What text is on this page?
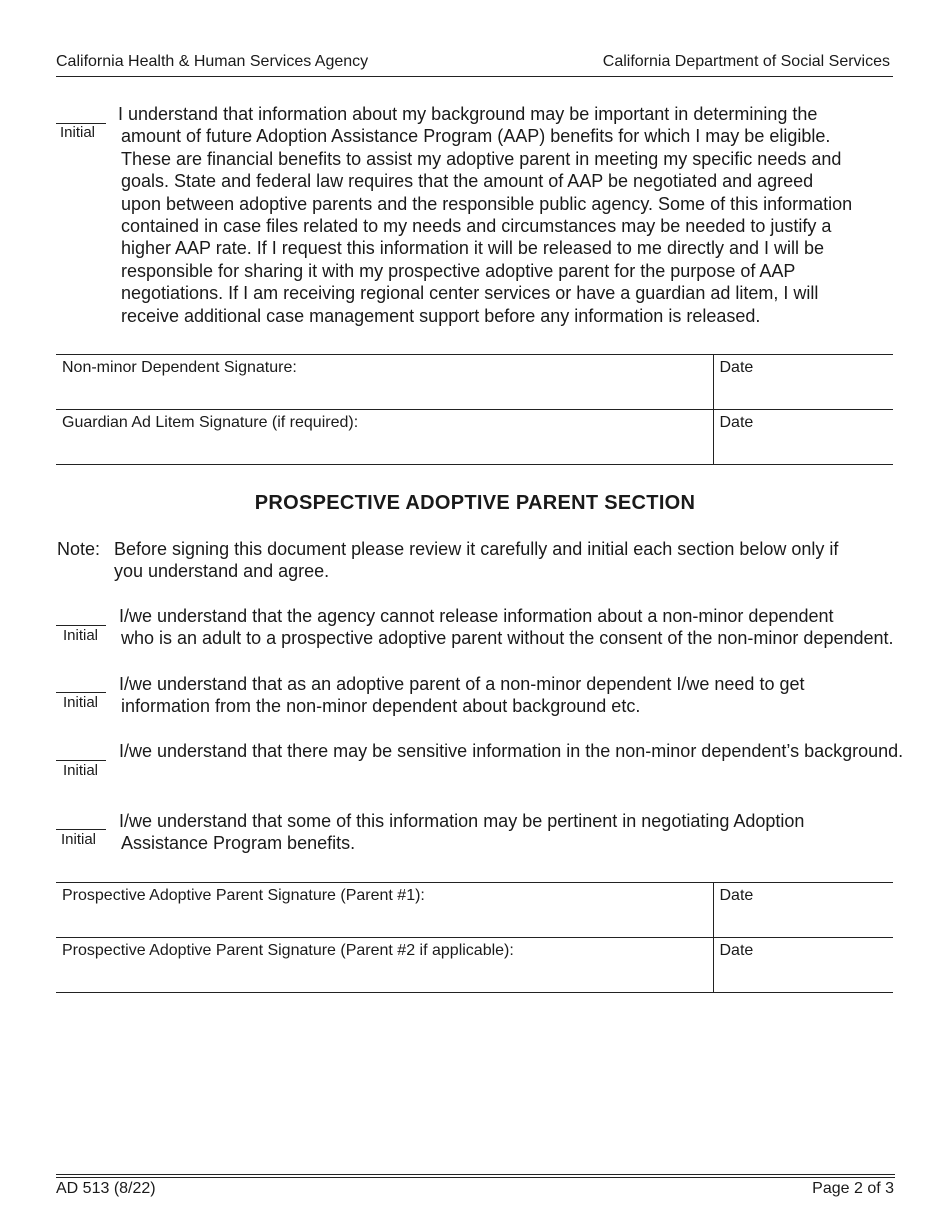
California Health & Human Services Agency	California Department of Social Services
Initial
I understand that information about my background may be important in determining the
amount of future Adoption Assistance Program (AAP) benefits for which I may be eligible.
These are financial benefits to assist my adoptive parent in meeting my specific needs and
goals. State and federal law requires that the amount of AAP be negotiated and agreed
upon between adoptive parents and the responsible public agency. Some of this information
contained in case files related to my needs and circumstances may be needed to justify a
higher AAP rate. If I request this information it will be released to me directly and I will be
responsible for sharing it with my prospective adoptive parent for the purpose of AAP
negotiations. If I am receiving regional center services or have a guardian ad litem, I will
receive additional case management support before any information is released.
Non-minor Dependent Signature:	Date
Guardian Ad Litem Signature (if required):	Date
PROSPECTIVE ADOPTIVE PARENT SECTION
Note: Before signing this document please review it carefully and initial each section below only if
you understand and agree.
Initial
I/we understand that the agency cannot release information about a non-minor dependent
who is an adult to a prospective adoptive parent without the consent of the non-minor dependent.
Initial
I/we understand that as an adoptive parent of a non-minor dependent I/we need to get
information from the non-minor dependent about background etc.
Initial
I/we understand that there may be sensitive information in the non-minor dependent’s background.
Initial
I/we understand that some of this information may be pertinent in negotiating Adoption
Assistance Program benefits.
Prospective Adoptive Parent Signature (Parent #1):	Date
Prospective Adoptive Parent Signature (Parent #2 if applicable):	Date
AD 513 (8/22)	Page 2 of 3
